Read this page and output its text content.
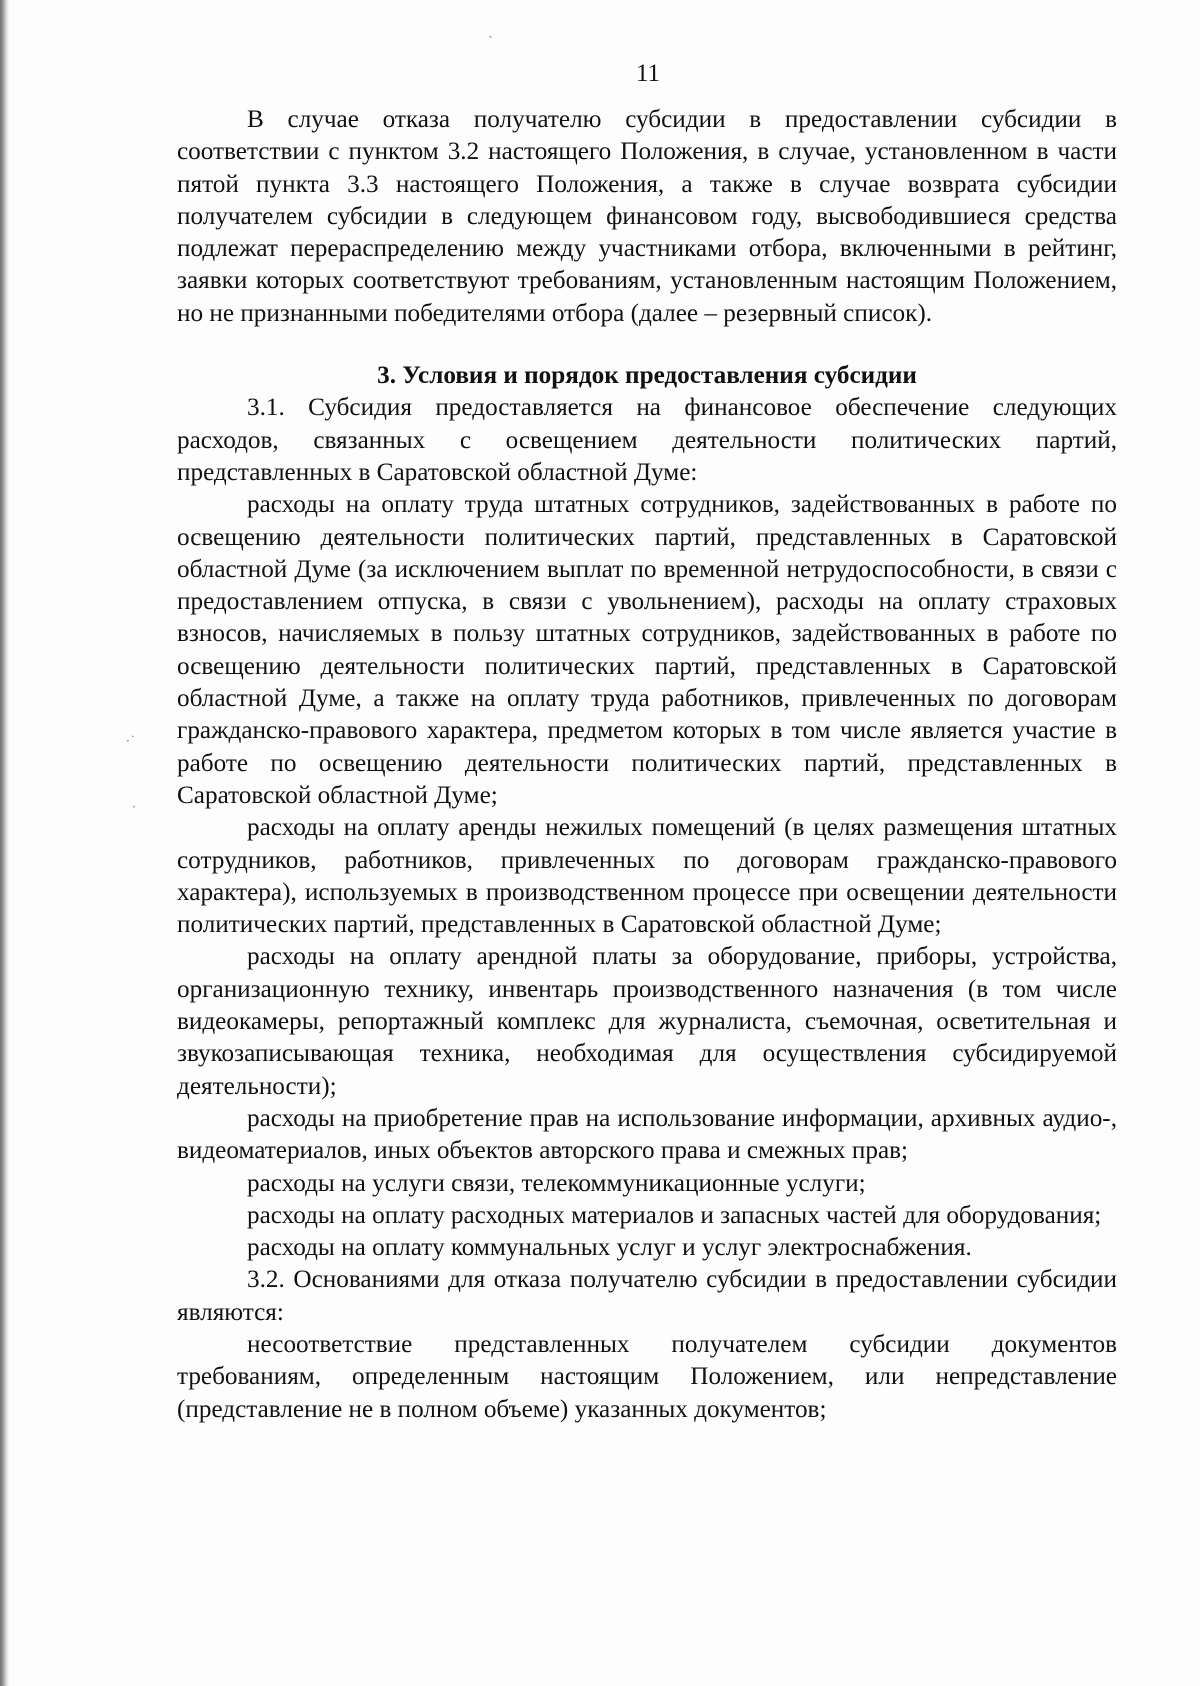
11

В случае отказа получателю субсидии в предоставлении субсидии в соответствии с пунктом 3.2 настоящего Положения, в случае, установленном в части пятой пункта 3.3 настоящего Положения, а также в случае возврата субсидии получателем субсидии в следующем финансовом году, высвободившиеся средства подлежат перераспределению между участниками отбора, включенными в рейтинг, заявки которых соответствуют требованиям, установленным настоящим Положением, но не признанными победителями отбора (далее – резервный список).

3. Условия и порядок предоставления субсидии

3.1. Субсидия предоставляется на финансовое обеспечение следующих расходов, связанных с освещением деятельности политических партий, представленных в Саратовской областной Думе:

расходы на оплату труда штатных сотрудников, задействованных в работе по освещению деятельности политических партий, представленных в Саратовской областной Думе (за исключением выплат по временной нетрудоспособности, в связи с предоставлением отпуска, в связи с увольнением), расходы на оплату страховых взносов, начисляемых в пользу штатных сотрудников, задействованных в работе по освещению деятельности политических партий, представленных в Саратовской областной Думе, а также на оплату труда работников, привлеченных по договорам гражданско-правового характера, предметом которых в том числе является участие в работе по освещению деятельности политических партий, представленных в Саратовской областной Думе;

расходы на оплату аренды нежилых помещений (в целях размещения штатных сотрудников, работников, привлеченных по договорам гражданско-правового характера), используемых в производственном процессе при освещении деятельности политических партий, представленных в Саратовской областной Думе;

расходы на оплату арендной платы за оборудование, приборы, устройства, организационную технику, инвентарь производственного назначения (в том числе видеокамеры, репортажный комплекс для журналиста, съемочная, осветительная и звукозаписывающая техника, необходимая для осуществления субсидируемой деятельности);

расходы на приобретение прав на использование информации, архивных аудио-, видеоматериалов, иных объектов авторского права и смежных прав;

расходы на услуги связи, телекоммуникационные услуги;

расходы на оплату расходных материалов и запасных частей для оборудования;

расходы на оплату коммунальных услуг и услуг электроснабжения.

3.2. Основаниями для отказа получателю субсидии в предоставлении субсидии являются:

несоответствие представленных получателем субсидии документов требованиям, определенным настоящим Положением, или непредставление (представление не в полном объеме) указанных документов;

·˙
·
ˎ
